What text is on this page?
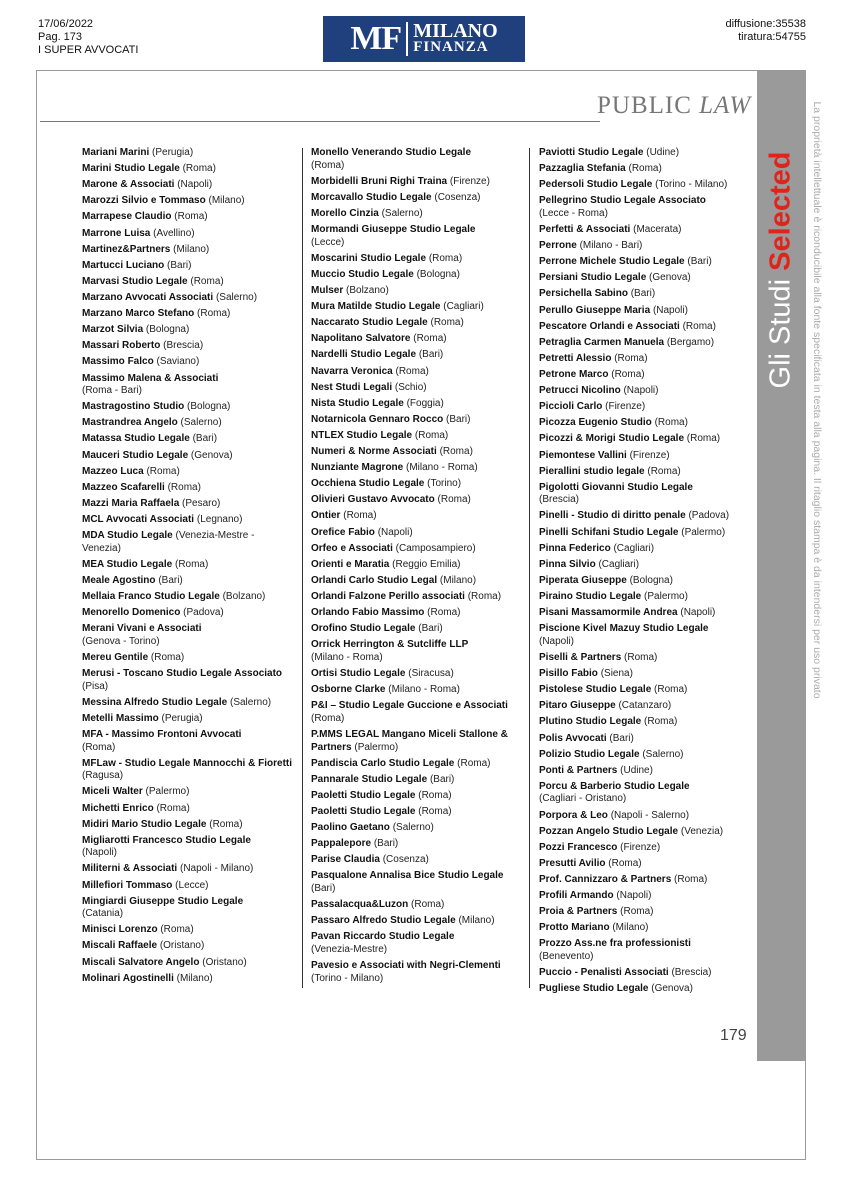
17/06/2022
Pag. 173
I SUPER AVVOCATI	MF MILANO
FINANZA
diffusione:35538
tiratura:54755
PUBLIC LAW
Gli Studi Selected La proprietà intellettuale è riconducibile alla fonte specificata in testa alla pagina. Il ritaglio stampa è da intendersi per uso privato
Mariani Marini (Perugia)
Marini Studio Legale (Roma)
Marone & Associati (Napoli)
Marozzi Silvio e Tommaso (Milano)
Marrapese Claudio (Roma)
Marrone Luisa (Avellino)
Martinez&Partners (Milano)
Martucci Luciano (Bari)
Marvasi Studio Legale (Roma)
Marzano Avvocati Associati (Salerno)
Marzano Marco Stefano (Roma)
Marzot Silvia (Bologna)
Massari Roberto (Brescia)
Massimo Falco (Saviano)
Massimo Malena & Associati
(Roma - Bari)
Mastragostino Studio (Bologna)
Mastrandrea Angelo (Salerno)
Matassa Studio Legale (Bari)
Mauceri Studio Legale (Genova)
Mazzeo Luca (Roma)
Mazzeo Scafarelli (Roma)
Mazzi Maria Raffaela (Pesaro)
MCL Avvocati Associati (Legnano)
MDA Studio Legale (Venezia-Mestre - Venezia)
MEA Studio Legale (Roma)
Meale Agostino (Bari)
Mellaia Franco Studio Legale (Bolzano)
Menorello Domenico (Padova)
Merani Vivani e Associati
(Genova - Torino)
Mereu Gentile (Roma)
Merusi - Toscano Studio Legale Associato (Pisa)
Messina Alfredo Studio Legale (Salerno)
Metelli Massimo (Perugia)
MFA - Massimo Frontoni Avvocati
(Roma)
MFLaw - Studio Legale Mannocchi & Fioretti (Ragusa)
Miceli Walter (Palermo)
Michetti Enrico (Roma)
Midiri Mario Studio Legale (Roma)
Migliarotti Francesco Studio Legale
(Napoli)
Militerni & Associati (Napoli - Milano)
Millefiori Tommaso (Lecce)
Mingiardi Giuseppe Studio Legale
(Catania)
Minisci Lorenzo (Roma)
Miscali Raffaele (Oristano)
Miscali Salvatore Angelo (Oristano)
Molinari Agostinelli (Milano)
Monello Venerando Studio Legale
(Roma)
Morbidelli Bruni Righi Traina (Firenze)
Morcavallo Studio Legale (Cosenza)
Morello Cinzia (Salerno)
Mormandi Giuseppe Studio Legale
(Lecce)
Moscarini Studio Legale (Roma)
Muccio Studio Legale (Bologna)
Mulser (Bolzano)
Mura Matilde Studio Legale (Cagliari)
Naccarato Studio Legale (Roma)
Napolitano Salvatore (Roma)
Nardelli Studio Legale (Bari)
Navarra Veronica (Roma)
Nest Studi Legali (Schio)
Nista Studio Legale (Foggia)
Notarnicola Gennaro Rocco (Bari)
NTLEX Studio Legale (Roma)
Numeri & Norme Associati (Roma)
Nunziante Magrone (Milano - Roma)
Occhiena Studio Legale (Torino)
Olivieri Gustavo Avvocato (Roma)
Ontier (Roma)
Orefice Fabio (Napoli)
Orfeo e Associati (Camposampiero)
Orienti e Maratia (Reggio Emilia)
Orlandi Carlo Studio Legal (Milano)
Orlandi Falzone Perillo associati (Roma)
Orlando Fabio Massimo (Roma)
Orofino Studio Legale (Bari)
Orrick Herrington & Sutcliffe LLP
(Milano - Roma)
Ortisi Studio Legale (Siracusa)
Osborne Clarke (Milano - Roma)
P&I – Studio Legale Guccione e Associati (Roma)
P.MMS LEGAL Mangano Miceli Stallone & Partners (Palermo)
Pandiscia Carlo Studio Legale (Roma)
Pannarale Studio Legale (Bari)
Paoletti Studio Legale (Roma)
Paoletti Studio Legale (Roma)
Paolino Gaetano (Salerno)
Pappalepore (Bari)
Parise Claudia (Cosenza)
Pasqualone Annalisa Bice Studio Legale (Bari)
Passalacqua&Luzon (Roma)
Passaro Alfredo Studio Legale (Milano)
Pavan Riccardo Studio Legale
(Venezia-Mestre)
Pavesio e Associati with Negri-Clementi (Torino - Milano)
Paviotti Studio Legale (Udine)
Pazzaglia Stefania (Roma)
Pedersoli Studio Legale (Torino - Milano)
Pellegrino Studio Legale Associato
(Lecce - Roma)
Perfetti & Associati (Macerata)
Perrone (Milano - Bari)
Perrone Michele Studio Legale (Bari)
Persiani Studio Legale (Genova)
Persichella Sabino (Bari)
Perullo Giuseppe Maria (Napoli)
Pescatore Orlandi e Associati (Roma)
Petraglia Carmen Manuela (Bergamo)
Petretti Alessio (Roma)
Petrone Marco (Roma)
Petrucci Nicolino (Napoli)
Piccioli Carlo (Firenze)
Picozza Eugenio Studio (Roma)
Picozzi & Morigi Studio Legale (Roma)
Piemontese Vallini (Firenze)
Pierallini studio legale (Roma)
Pigolotti Giovanni Studio Legale
(Brescia)
Pinelli - Studio di diritto penale (Padova)
Pinelli Schifani Studio Legale (Palermo)
Pinna Federico (Cagliari)
Pinna Silvio (Cagliari)
Piperata Giuseppe (Bologna)
Piraino Studio Legale (Palermo)
Pisani Massamormile Andrea (Napoli)
Piscione Kivel Mazuy Studio Legale
(Napoli)
Piselli & Partners (Roma)
Pisillo Fabio (Siena)
Pistolese Studio Legale (Roma)
Pitaro Giuseppe (Catanzaro)
Plutino Studio Legale (Roma)
Polis Avvocati (Bari)
Polizio Studio Legale (Salerno)
Ponti & Partners (Udine)
Porcu & Barberio Studio Legale
(Cagliari - Oristano)
Porpora & Leo (Napoli - Salerno)
Pozzan Angelo Studio Legale (Venezia)
Pozzi Francesco (Firenze)
Presutti Avilio (Roma)
Prof. Cannizzaro & Partners (Roma)
Profili Armando (Napoli)
Proia & Partners (Roma)
Protto Mariano (Milano)
Prozzo Ass.ne fra professionisti
(Benevento)
Puccio - Penalisti Associati (Brescia)
Pugliese Studio Legale (Genova)
179
